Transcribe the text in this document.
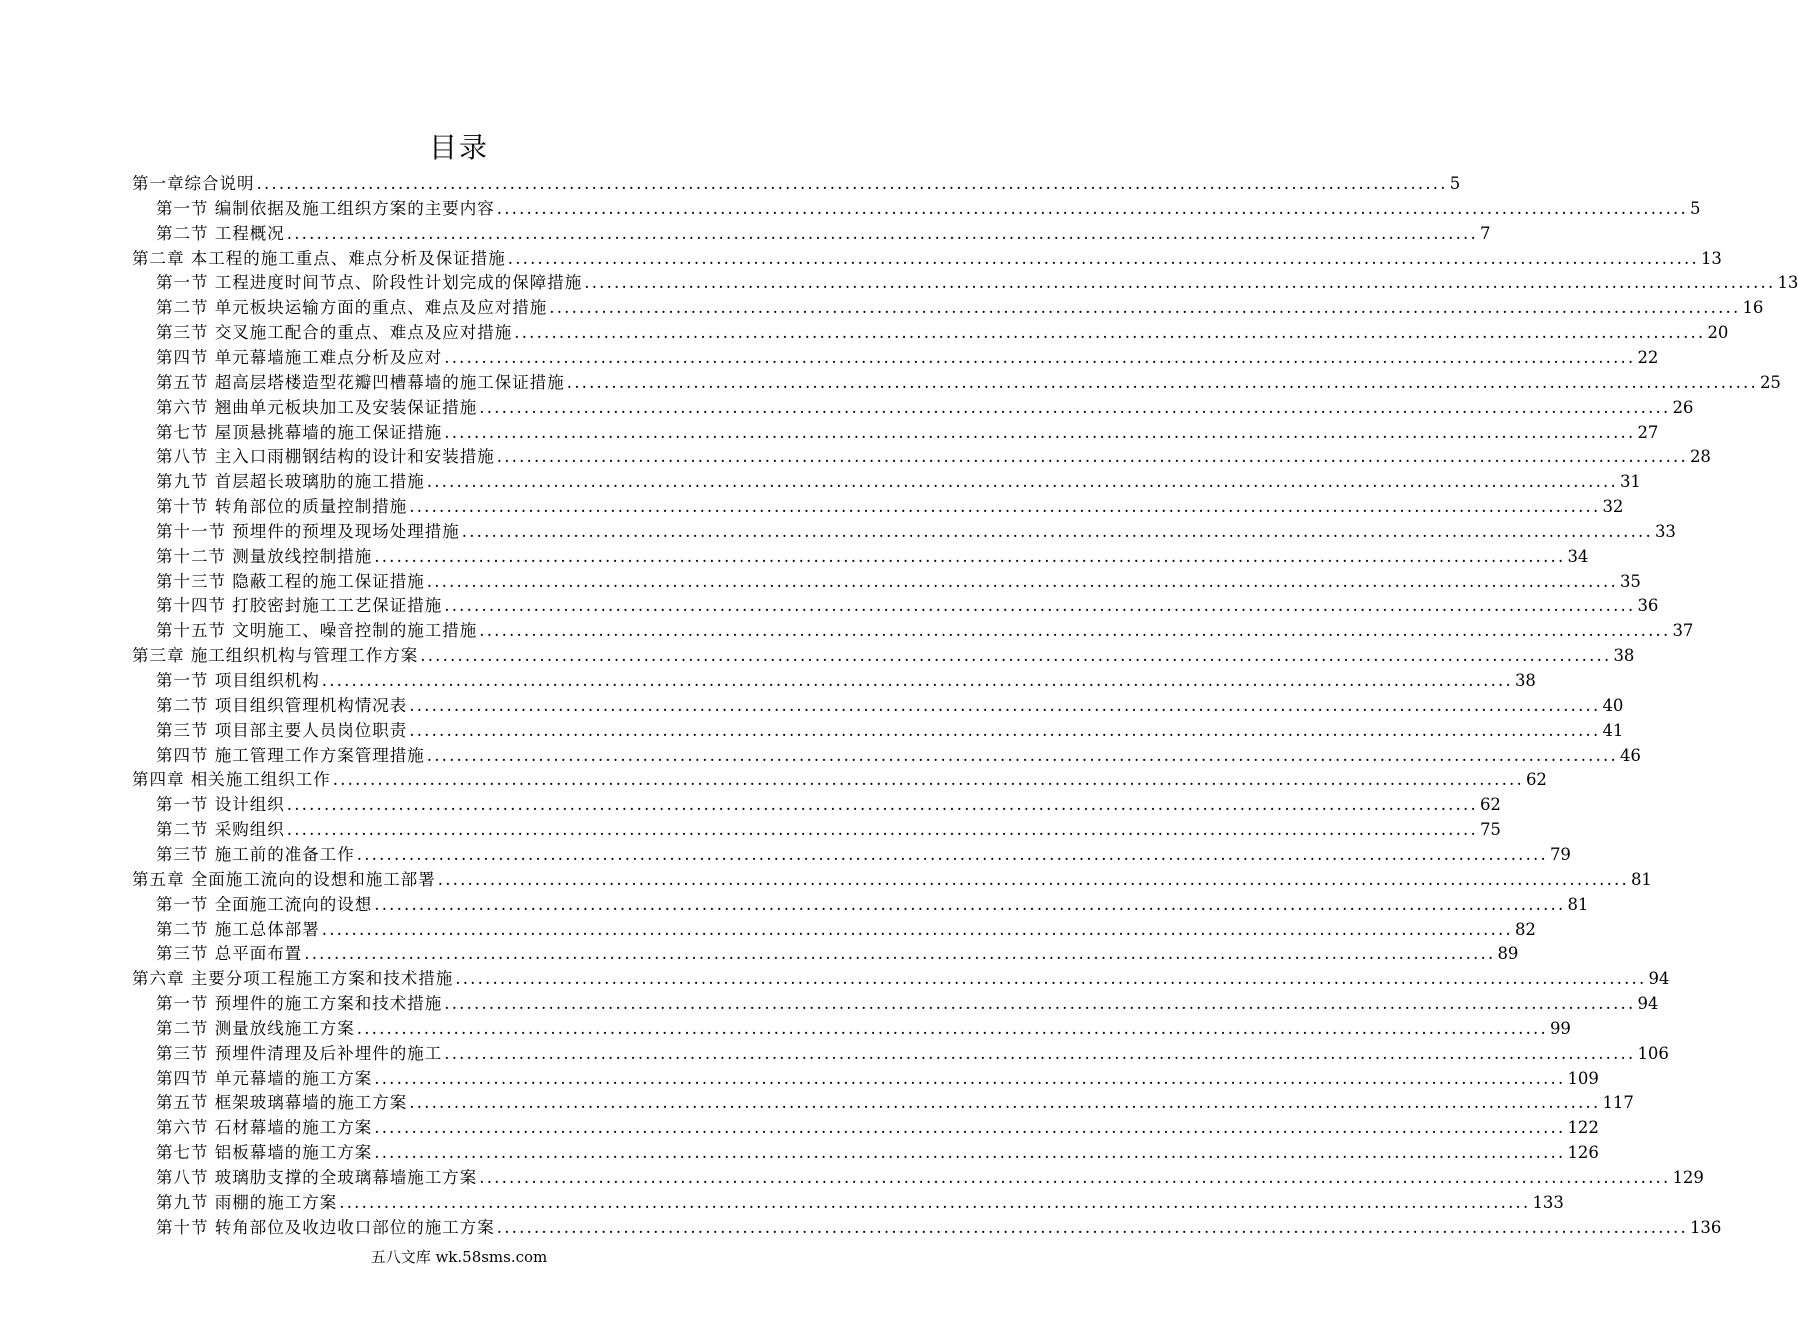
目录
第一章综合说明 ................................................................................................................................................................ 5
第一节 编制依据及施工组织方案的主要内容 ................................................................................................................................................................ 5
第二节 工程概况 ................................................................................................................................................................ 7
第二章 本工程的施工重点、难点分析及保证措施 ................................................................................................................................................................ 13
第一节 工程进度时间节点、阶段性计划完成的保障措施 ................................................................................................................................................................ 13
第二节 单元板块运输方面的重点、难点及应对措施 ................................................................................................................................................................ 16
第三节 交叉施工配合的重点、难点及应对措施 ................................................................................................................................................................ 20
第四节 单元幕墙施工难点分析及应对 ................................................................................................................................................................ 22
第五节 超高层塔楼造型花瓣凹槽幕墙的施工保证措施 ................................................................................................................................................................ 25
第六节 翘曲单元板块加工及安装保证措施 ................................................................................................................................................................ 26
第七节 屋顶悬挑幕墙的施工保证措施 ................................................................................................................................................................ 27
第八节 主入口雨棚钢结构的设计和安装措施 ................................................................................................................................................................ 28
第九节 首层超长玻璃肋的施工措施 ................................................................................................................................................................ 31
第十节 转角部位的质量控制措施 ................................................................................................................................................................ 32
第十一节 预埋件的预埋及现场处理措施 ................................................................................................................................................................ 33
第十二节 测量放线控制措施 ................................................................................................................................................................ 34
第十三节 隐蔽工程的施工保证措施 ................................................................................................................................................................ 35
第十四节 打胶密封施工工艺保证措施 ................................................................................................................................................................ 36
第十五节 文明施工、噪音控制的施工措施 ................................................................................................................................................................ 37
第三章 施工组织机构与管理工作方案 ................................................................................................................................................................ 38
第一节 项目组织机构 ................................................................................................................................................................ 38
第二节 项目组织管理机构情况表 ................................................................................................................................................................ 40
第三节 项目部主要人员岗位职责 ................................................................................................................................................................ 41
第四节 施工管理工作方案管理措施 ................................................................................................................................................................ 46
第四章 相关施工组织工作 ................................................................................................................................................................ 62
第一节 设计组织 ................................................................................................................................................................ 62
第二节 采购组织 ................................................................................................................................................................ 75
第三节 施工前的准备工作 ................................................................................................................................................................ 79
第五章 全面施工流向的设想和施工部署 ................................................................................................................................................................ 81
第一节 全面施工流向的设想 ................................................................................................................................................................ 81
第二节 施工总体部署 ................................................................................................................................................................ 82
第三节 总平面布置 ................................................................................................................................................................ 89
第六章 主要分项工程施工方案和技术措施 ................................................................................................................................................................ 94
第一节 预埋件的施工方案和技术措施 ................................................................................................................................................................ 94
第二节 测量放线施工方案 ................................................................................................................................................................ 99
第三节 预埋件清理及后补埋件的施工 ................................................................................................................................................................ 106
第四节 单元幕墙的施工方案 ................................................................................................................................................................ 109
第五节 框架玻璃幕墙的施工方案 ................................................................................................................................................................ 117
第六节 石材幕墙的施工方案 ................................................................................................................................................................ 122
第七节 铝板幕墙的施工方案 ................................................................................................................................................................ 126
第八节 玻璃肋支撑的全玻璃幕墙施工方案 ................................................................................................................................................................ 129
第九节 雨棚的施工方案 ................................................................................................................................................................ 133
第十节 转角部位及收边收口部位的施工方案 ................................................................................................................................................................ 136
五八文库 wk.58sms.com
